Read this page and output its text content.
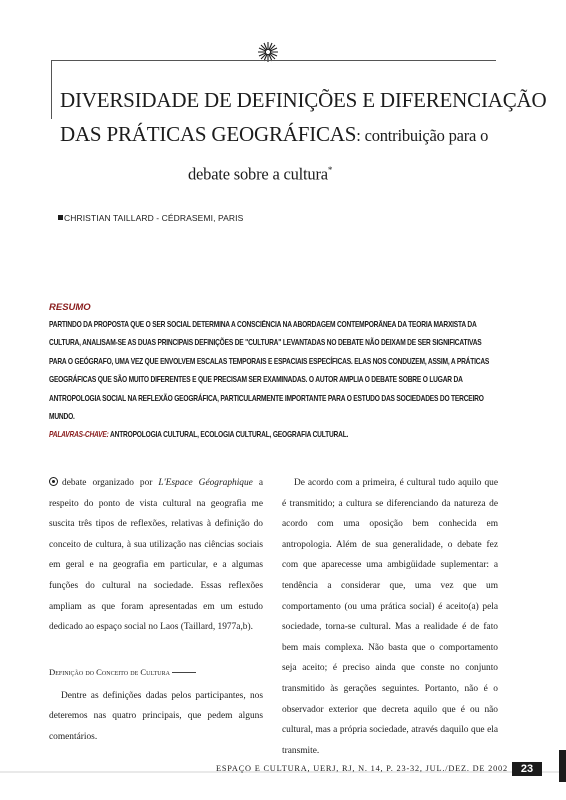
DIVERSIDADE DE DEFINIÇÕES E DIFERENCIAÇÃO
DAS PRÁTICAS GEOGRÁFICAS: contribuição para o
debate sobre a cultura*

CHRISTIAN TAILLARD - CÉDRASEMI, PARIS

RESUMO

PARTINDO DA PROPOSTA QUE O SER SOCIAL DETERMINA A CONSCIÊNCIA NA ABORDAGEM CONTEMPORÂNEA DA TEORIA MARXISTA DA CULTURA, ANALISAM-SE AS DUAS PRINCIPAIS DEFINIÇÕES DE "CULTURA" LEVANTADAS NO DEBATE NÃO DEIXAM DE SER SIGNIFICATIVAS PARA O GEÓGRAFO, UMA VEZ QUE ENVOLVEM ESCALAS TEMPORAIS E ESPACIAIS ESPECÍFICAS. ELAS NOS CONDUZEM, ASSIM, A PRÁTICAS GEOGRÁFICAS QUE SÃO MUITO DIFERENTES E QUE PRECISAM SER EXAMINADAS. O AUTOR AMPLIA O DEBATE SOBRE O LUGAR DA ANTROPOLOGIA SOCIAL NA REFLEXÃO GEOGRÁFICA, PARTICULARMENTE IMPORTANTE PARA O ESTUDO DAS SOCIEDADES DO TERCEIRO MUNDO.
PALAVRAS-CHAVE: ANTROPOLOGIA CULTURAL, ECOLOGIA CULTURAL, GEOGRAFIA CULTURAL.

debate organizado por L'Espace Géographique a respeito do ponto de vista cultural na geografia me suscita três tipos de reflexões, relativas à definição do conceito de cultura, à sua utilização nas ciências sociais em geral e na geografia em particular, e a algumas funções do cultural na sociedade. Essas reflexões ampliam as que foram apresentadas em um estudo dedicado ao espaço social no Laos (Taillard, 1977a,b).

Definição do Conceito de Cultura

Dentre as definições dadas pelos participantes, nos deteremos nas quatro principais, que pedem alguns comentários.

De acordo com a primeira, é cultural tudo aquilo que é transmitido; a cultura se diferenciando da natureza de acordo com uma oposição bem conhecida em antropologia. Além de sua generalidade, o debate fez com que aparecesse uma ambigüidade suplementar: a tendência a considerar que, uma vez que um comportamento (ou uma prática social) é aceito(a) pela sociedade, torna-se cultural. Mas a realidade é de fato bem mais complexa. Não basta que o comportamento seja aceito; é preciso ainda que conste no conjunto transmitido às gerações seguintes. Portanto, não é o observador exterior que decreta aquilo que é ou não cultural, mas a própria sociedade, através daquilo que ela transmite.

ESPAÇO E CULTURA, UERJ, RJ, N. 14, P. 23-32, JUL./DEZ. DE 2002	23
